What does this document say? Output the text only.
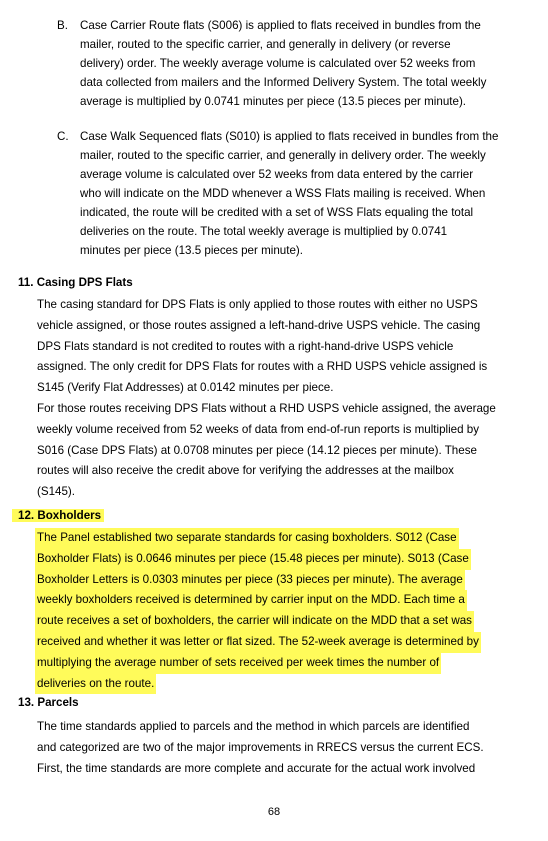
B. Case Carrier Route flats (S006) is applied to flats received in bundles from the
mailer, routed to the specific carrier, and generally in delivery (or reverse
delivery) order. The weekly average volume is calculated over 52 weeks from
data collected from mailers and the Informed Delivery System. The total weekly
average is multiplied by 0.0741 minutes per piece (13.5 pieces per minute).
C. Case Walk Sequenced flats (S010) is applied to flats received in bundles from the
mailer, routed to the specific carrier, and generally in delivery order. The weekly
average volume is calculated over 52 weeks from data entered by the carrier
who will indicate on the MDD whenever a WSS Flats mailing is received. When
indicated, the route will be credited with a set of WSS Flats equaling the total
deliveries on the route. The total weekly average is multiplied by 0.0741
minutes per piece (13.5 pieces per minute).
11. Casing DPS Flats
The casing standard for DPS Flats is only applied to those routes with either no USPS
vehicle assigned, or those routes assigned a left-hand-drive USPS vehicle. The casing
DPS Flats standard is not credited to routes with a right-hand-drive USPS vehicle
assigned. The only credit for DPS Flats for routes with a RHD USPS vehicle assigned is
S145 (Verify Flat Addresses) at 0.0142 minutes per piece.
For those routes receiving DPS Flats without a RHD USPS vehicle assigned, the average
weekly volume received from 52 weeks of data from end-of-run reports is multiplied by
S016 (Case DPS Flats) at 0.0708 minutes per piece (14.12 pieces per minute). These
routes will also receive the credit above for verifying the addresses at the mailbox
(S145).
12. Boxholders
The Panel established two separate standards for casing boxholders. S012 (Case
Boxholder Flats) is 0.0646 minutes per piece (15.48 pieces per minute). S013 (Case
Boxholder Letters is 0.0303 minutes per piece (33 pieces per minute). The average
weekly boxholders received is determined by carrier input on the MDD. Each time a
route receives a set of boxholders, the carrier will indicate on the MDD that a set was
received and whether it was letter or flat sized. The 52-week average is determined by
multiplying the average number of sets received per week times the number of
deliveries on the route.
13. Parcels
The time standards applied to parcels and the method in which parcels are identified
and categorized are two of the major improvements in RRECS versus the current ECS.
First, the time standards are more complete and accurate for the actual work involved
68
